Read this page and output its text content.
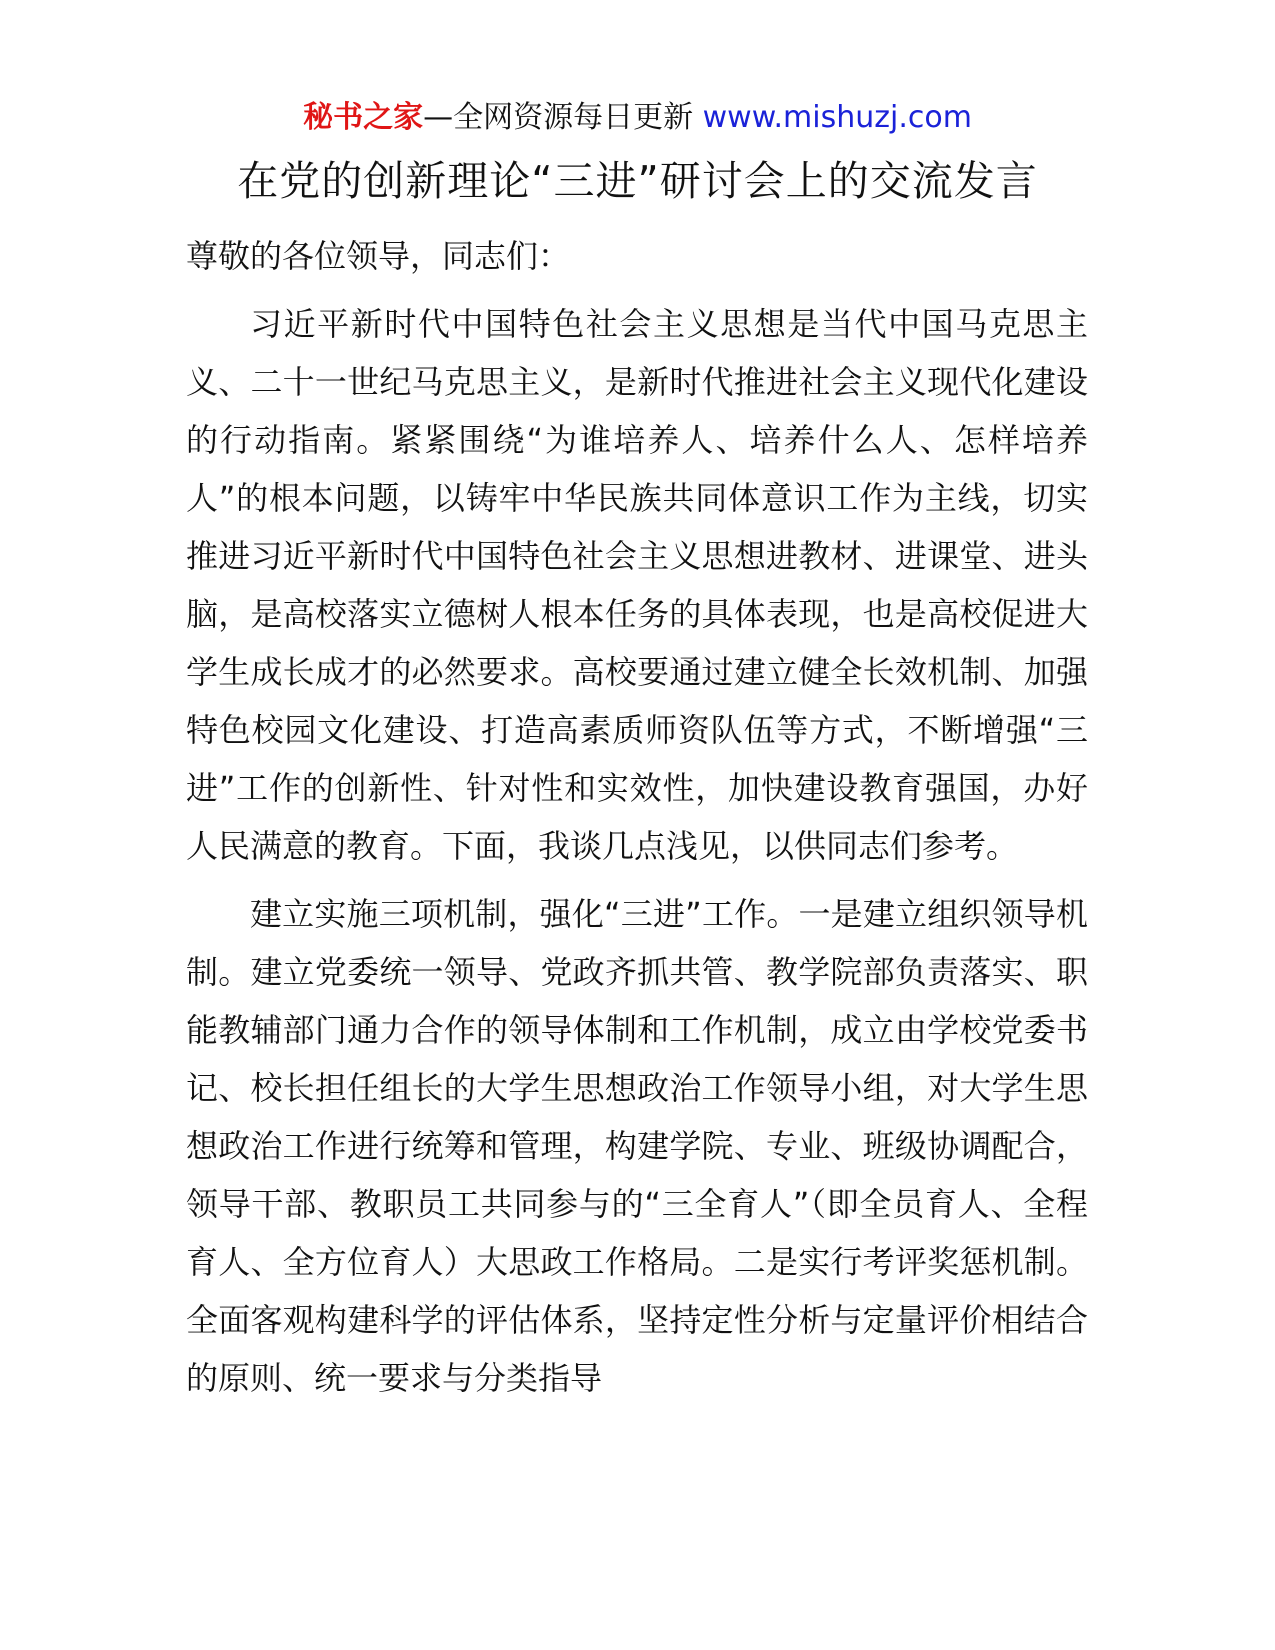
秘书之家—全网资源每日更新 www.mishuzj.com
在党的创新理论“三进”研讨会上的交流发言

尊敬的各位领导，同志们：

习近平新时代中国特色社会主义思想是当代中国马克思主义、二十一世纪马克思主义，是新时代推进社会主义现代化建设的行动指南。紧紧围绕“为谁培养人、培养什么人、怎样培养人”的根本问题，以铸牢中华民族共同体意识工作为主线，切实推进习近平新时代中国特色社会主义思想进教材、进课堂、进头脑，是高校落实立德树人根本任务的具体表现，也是高校促进大学生成长成才的必然要求。高校要通过建立健全长效机制、加强特色校园文化建设、打造高素质师资队伍等方式，不断增强“三进”工作的创新性、针对性和实效性，加快建设教育强国，办好人民满意的教育。下面，我谈几点浅见，以供同志们参考。

建立实施三项机制，强化“三进”工作。一是建立组织领导机制。建立党委统一领导、党政齐抓共管、教学院部负责落实、职能教辅部门通力合作的领导体制和工作机制，成立由学校党委书记、校长担任组长的大学生思想政治工作领导小组，对大学生思想政治工作进行统筹和管理，构建学院、专业、班级协调配合，领导干部、教职员工共同参与的“三全育人”（即全员育人、全程育人、全方位育人）大思政工作格局。二是实行考评奖惩机制。全面客观构建科学的评估体系，坚持定性分析与定量评价相结合的原则、统一要求与分类指导
